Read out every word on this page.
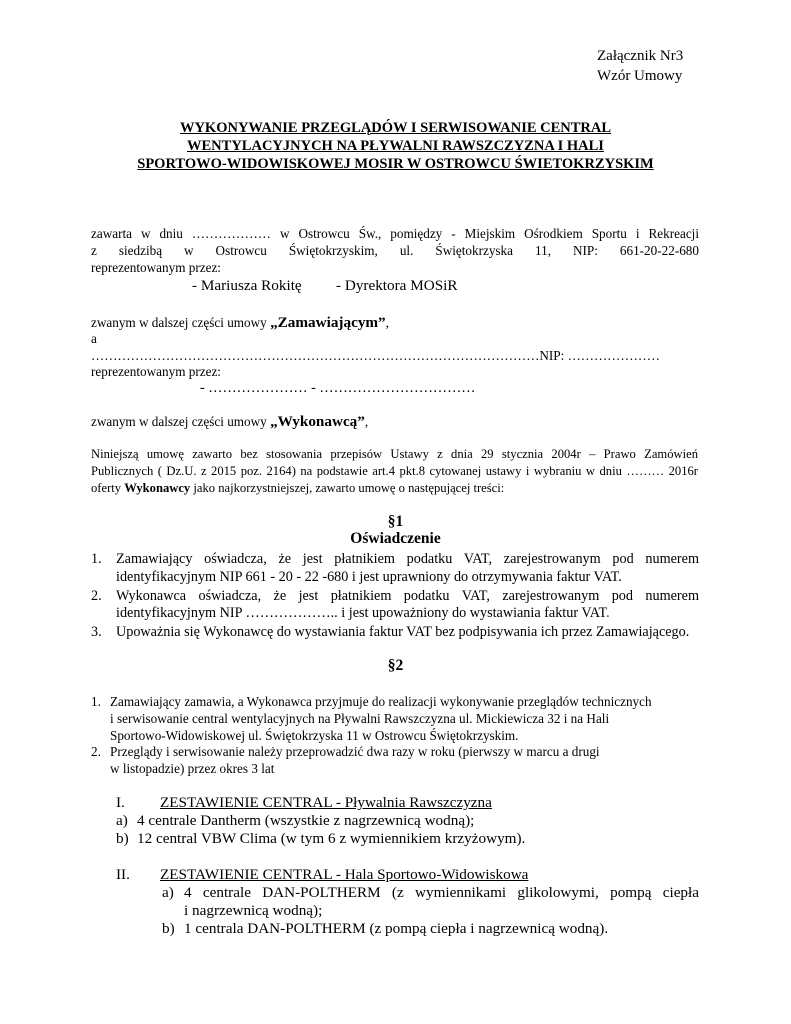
Załącznik Nr3
Wzór Umowy
WYKONYWANIE PRZEGLĄDÓW I SERWISOWANIE CENTRAL
WENTYLACYJNYCH NA PŁYWALNI RAWSZCZYZNA I HALI
SPORTOWO-WIDOWISKOWEJ MOSIR W OSTROWCU ŚWIETOKRZYSKIM
zawarta w dniu ……………… w Ostrowcu Św., pomiędzy - Miejskim Ośrodkiem Sportu i Rekreacji
z siedzibą w Ostrowcu Świętokrzyskim, ul. Świętokrzyska 11, NIP: 661-20-22-680
reprezentowanym przez:
- Mariusza Rokitę - Dyrektora MOSiR
zwanym w dalszej części umowy „Zamawiającym”,
a
…………………………………………………………………………………………NIP: …………………
reprezentowanym przez:
- ………………… - ……………………………
zwanym w dalszej części umowy „Wykonawcą”,
Niniejszą umowę zawarto bez stosowania przepisów Ustawy z dnia 29 stycznia 2004r – Prawo Zamówień
Publicznych ( Dz.U. z 2015 poz. 2164) na podstawie art.4 pkt.8 cytowanej ustawy i wybraniu w dniu ……… 2016r
oferty Wykonawcy jako najkorzystniejszej, zawarto umowę o następującej treści:
§1
Oświadczenie
1. Zamawiający oświadcza, że jest płatnikiem podatku VAT, zarejestrowanym pod numerem
identyfikacyjnym NIP 661 - 20 - 22 -680 i jest uprawniony do otrzymywania faktur VAT.
2. Wykonawca oświadcza, że jest płatnikiem podatku VAT, zarejestrowanym pod numerem
identyfikacyjnym NIP ……………….. i jest upoważniony do wystawiania faktur VAT.
3. Upoważnia się Wykonawcę do wystawiania faktur VAT bez podpisywania ich przez Zamawiającego.
§2
1. Zamawiający zamawia, a Wykonawca przyjmuje do realizacji wykonywanie przeglądów technicznych
i serwisowanie central wentylacyjnych na Pływalni Rawszczyzna ul. Mickiewicza 32 i na Hali
Sportowo-Widowiskowej ul. Świętokrzyska 11 w Ostrowcu Świętokrzyskim.
2. Przeglądy i serwisowanie należy przeprowadzić dwa razy w roku (pierwszy w marcu a drugi
w listopadzie) przez okres 3 lat
I. ZESTAWIENIE CENTRAL - Pływalnia Rawszczyzna
a) 4 centrale Dantherm (wszystkie z nagrzewnicą wodną);
b) 12 central VBW Clima (w tym 6 z wymiennikiem krzyżowym).
II. ZESTAWIENIE CENTRAL - Hala Sportowo-Widowiskowa
a) 4 centrale DAN-POLTHERM (z wymiennikami glikolowymi, pompą ciepła
i nagrzewnicą wodną);
b) 1 centrala DAN-POLTHERM (z pompą ciepła i nagrzewnicą wodną).
